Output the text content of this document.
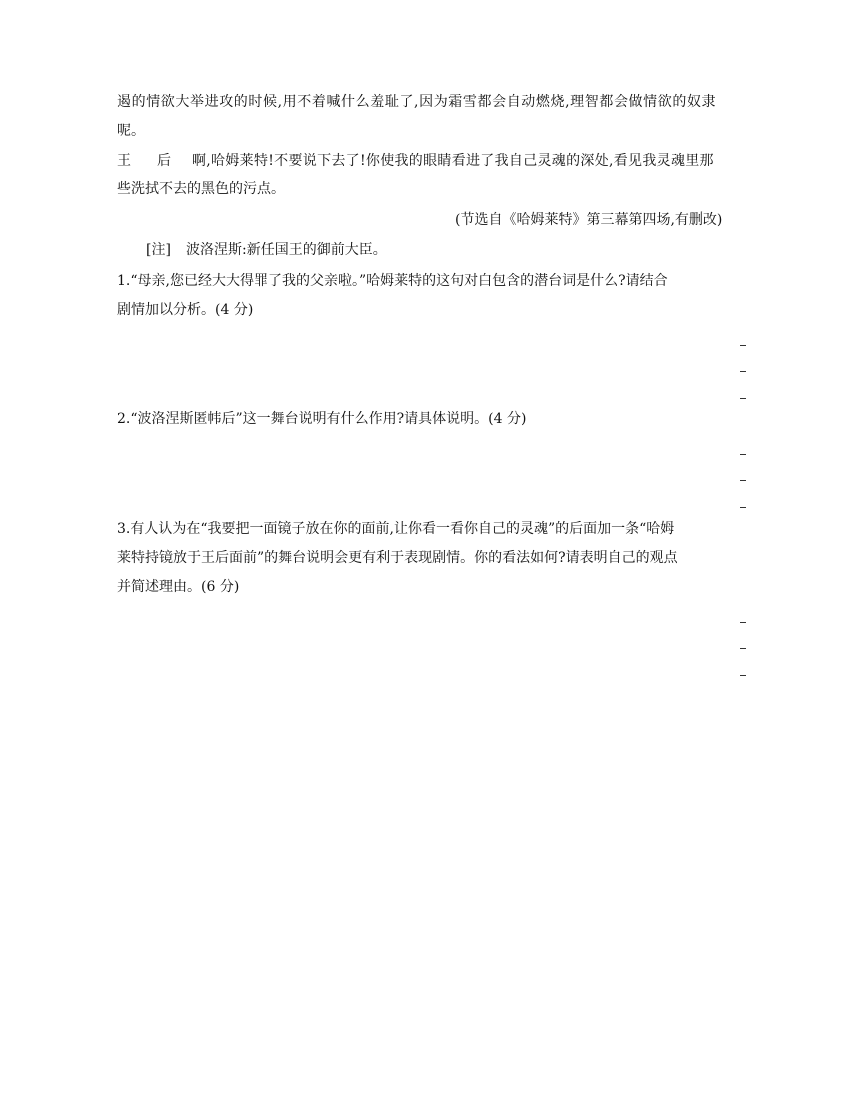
遏的情欲大举进攻的时候,用不着喊什么羞耻了,因为霜雪都会自动燃烧,理智都会做情欲的奴隶
呢。
王后
啊,哈姆莱特!不要说下去了!你使我的眼睛看进了我自己灵魂的深处,看见我灵魂里那
些洗拭不去的黑色的污点。
(节选自《哈姆莱特》第三幕第四场,有删改)
[注] 波洛涅斯:新任国王的御前大臣。
1.“母亲,您已经大大得罪了我的父亲啦。”哈姆莱特的这句对白包含的潜台词是什么?请结合
剧情加以分析。(4 分)
2.“波洛涅斯匿帏后”这一舞台说明有什么作用?请具体说明。(4 分)
3.有人认为在“我要把一面镜子放在你的面前,让你看一看你自己的灵魂”的后面加一条“哈姆
莱特持镜放于王后面前”的舞台说明会更有利于表现剧情。你的看法如何?请表明自己的观点
并简述理由。(6 分)
